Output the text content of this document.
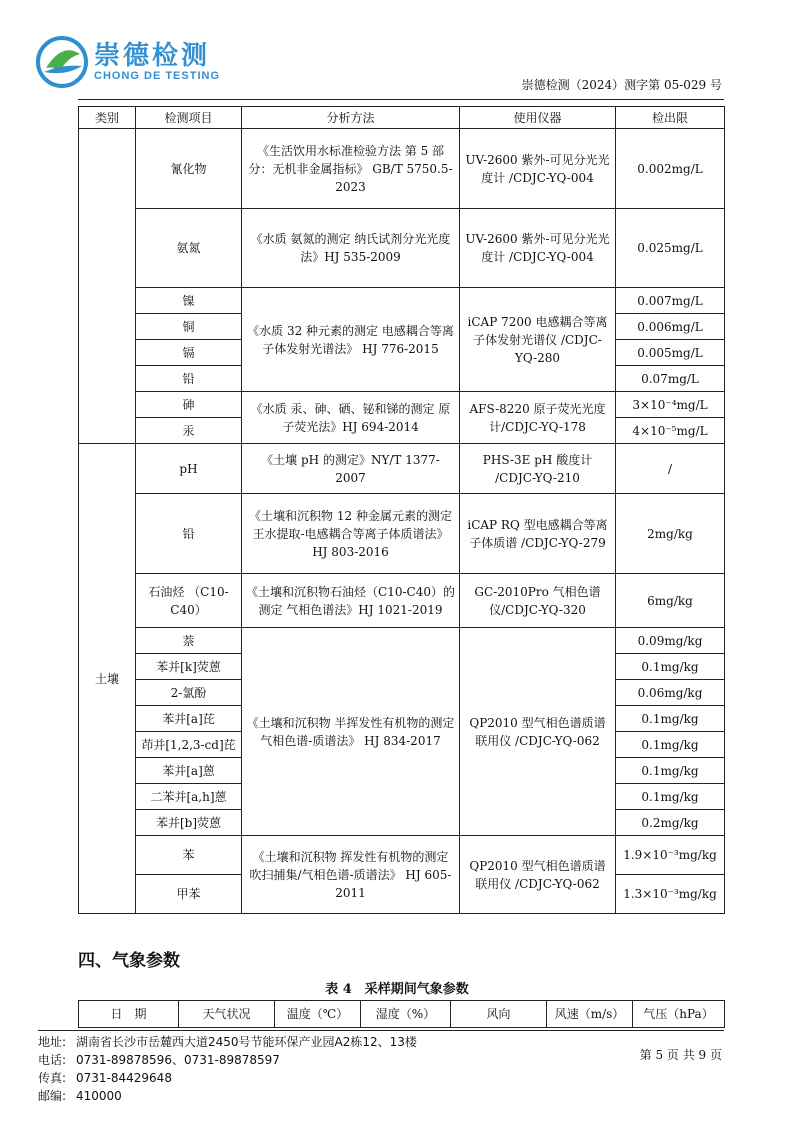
崇德检测
CHONG DE TESTING
崇德检测（2024）测字第 05-029 号
类别	检测项目	分析方法	使用仪器	检出限
	氰化物	《生活饮用水标准检验方法 第 5 部分：无机非金属指标》 GB/T 5750.5-2023	UV-2600 紫外-可见分光光度计 /CDJC-YQ-004	0.002mg/L
	氨氮	《水质 氨氮的测定 纳氏试剂分光光度法》HJ 535-2009	UV-2600 紫外-可见分光光度计 /CDJC-YQ-004	0.025mg/L
	镍	《水质 32 种元素的测定 电感耦合等离子体发射光谱法》 HJ 776-2015	iCAP 7200 电感耦合等离子体发射光谱仪 /CDJC-YQ-280	0.007mg/L
	铜			0.006mg/L
	镉			0.005mg/L
	铅			0.07mg/L
	砷	《水质 汞、砷、硒、铋和锑的测定 原子荧光法》HJ 694-2014	AFS-8220 原子荧光光度计/CDJC-YQ-178	3×10⁻⁴mg/L
	汞			4×10⁻⁵mg/L
土壤	pH	《土壤 pH 的测定》NY/T 1377-2007	PHS-3E pH 酸度计 /CDJC-YQ-210	/
	铅	《土壤和沉积物 12 种金属元素的测定 王水提取-电感耦合等离子体质谱法》HJ 803-2016	iCAP RQ 型电感耦合等离子体质谱 /CDJC-YQ-279	2mg/kg
	石油烃 （C10-C40）	《土壤和沉积物石油烃（C10-C40）的测定 气相色谱法》HJ 1021-2019	GC-2010Pro 气相色谱仪/CDJC-YQ-320	6mg/kg
	萘	《土壤和沉积物 半挥发性有机物的测定气相色谱-质谱法》 HJ 834-2017	QP2010 型气相色谱质谱联用仪 /CDJC-YQ-062	0.09mg/kg
	苯并[k]荧蒽			0.1mg/kg
	2-氯酚			0.06mg/kg
	苯并[a]芘			0.1mg/kg
	茚并[1,2,3-cd]芘			0.1mg/kg
	苯并[a]蒽			0.1mg/kg
	二苯并[a,h]蒽			0.1mg/kg
	苯并[b]荧蒽			0.2mg/kg
	苯	《土壤和沉积物 挥发性有机物的测定 吹扫捕集/气相色谱-质谱法》 HJ 605-2011	QP2010 型气相色谱质谱联用仪 /CDJC-YQ-062	1.9×10⁻³mg/kg
	甲苯			1.3×10⁻³mg/kg
四、气象参数
表 4　采样期间气象参数
日　期	天气状况	温度（℃）	湿度（%）	风向	风速（m/s）	气压（hPa）
地址: 湖南省长沙市岳麓西大道2450号节能环保产业园A2栋12、13楼
电话: 0731-89878596、0731-89878597
传真: 0731-84429648
邮编: 410000
第 5 页 共 9 页
